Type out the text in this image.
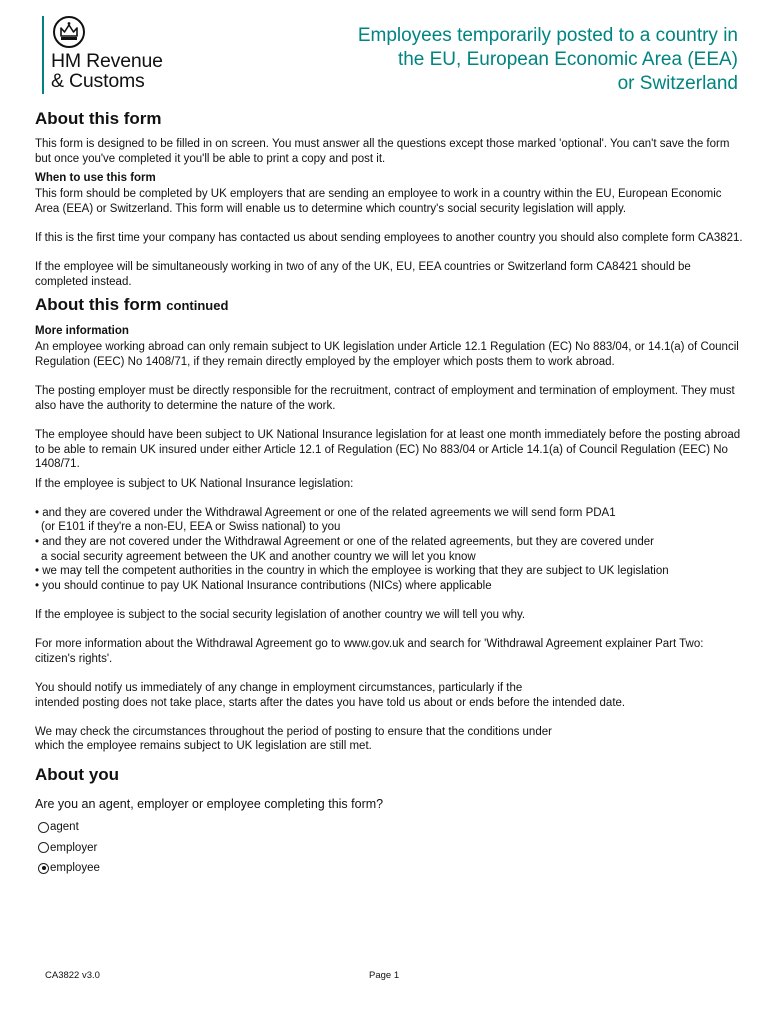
HM Revenue
& Customs
Employees temporarily posted to a country in
the EU, European Economic Area (EEA)
or Switzerland
About this form

This form is designed to be filled in on screen. You must answer all the questions except those marked 'optional'. You can't save the form but once you've completed it you'll be able to print a copy and post it.

When to use this form

This form should be completed by UK employers that are sending an employee to work in a country within the EU, European Economic Area (EEA) or Switzerland. This form will enable us to determine which country's social security legislation will apply.

If this is the first time your company has contacted us about sending employees to another country you should also complete form CA3821.

If the employee will be simultaneously working in two of any of the UK, EU, EEA countries or Switzerland form CA8421 should be completed instead.

About this form continued
More information

An employee working abroad can only remain subject to UK legislation under Article 12.1 Regulation (EC) No 883/04, or 14.1(a) of Council Regulation (EEC) No 1408/71, if they remain directly employed by the employer which posts them to work abroad.

The posting employer must be directly responsible for the recruitment, contract of employment and termination of employment. They must also have the authority to determine the nature of the work.

The employee should have been subject to UK National Insurance legislation for at least one month immediately before the posting abroad to be able to remain UK insured under either Article 12.1 of Regulation (EC) No 883/04 or Article 14.1(a) of Council Regulation (EEC) No 1408/71.

If the employee is subject to UK National Insurance legislation:

• and they are covered under the Withdrawal Agreement or one of the related agreements we will send form PDA1
(or E101 if they're a non-EU, EEA or Swiss national) to you
• and they are not covered under the Withdrawal Agreement or one of the related agreements, but they are covered under
a social security agreement between the UK and another country we will let you know
• we may tell the competent authorities in the country in which the employee is working that they are subject to UK legislation
• you should continue to pay UK National Insurance contributions (NICs) where applicable

If the employee is subject to the social security legislation of another country we will tell you why.

For more information about the Withdrawal Agreement go to www.gov.uk and search for 'Withdrawal Agreement explainer Part Two: citizen's rights'.

You should notify us immediately of any change in employment circumstances, particularly if the
intended posting does not take place, starts after the dates you have told us about or ends before the intended date.

We may check the circumstances throughout the period of posting to ensure that the conditions under
which the employee remains subject to UK legislation are still met.

About you
Are you an agent, employer or employee completing this form?
agent
employer
employee
CA3822 v3.0	Page 1
